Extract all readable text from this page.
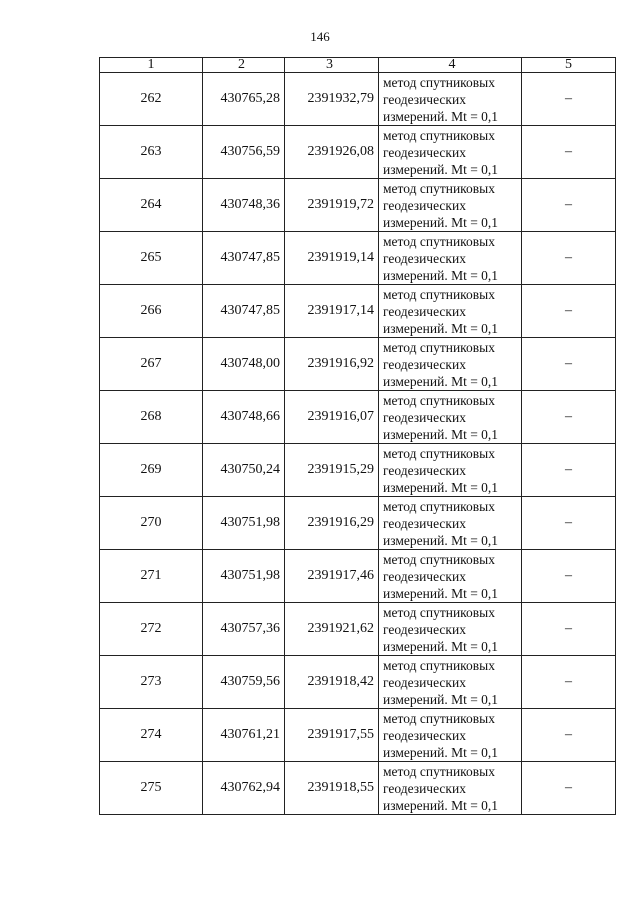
146
1	2	3	4	5
262	430765,28	2391932,79	метод спутниковых
геодезических
измерений. Mt = 0,1	–
263	430756,59	2391926,08	метод спутниковых
геодезических
измерений. Mt = 0,1	–
264	430748,36	2391919,72	метод спутниковых
геодезических
измерений. Mt = 0,1	–
265	430747,85	2391919,14	метод спутниковых
геодезических
измерений. Mt = 0,1	–
266	430747,85	2391917,14	метод спутниковых
геодезических
измерений. Mt = 0,1	–
267	430748,00	2391916,92	метод спутниковых
геодезических
измерений. Mt = 0,1	–
268	430748,66	2391916,07	метод спутниковых
геодезических
измерений. Mt = 0,1	–
269	430750,24	2391915,29	метод спутниковых
геодезических
измерений. Mt = 0,1	–
270	430751,98	2391916,29	метод спутниковых
геодезических
измерений. Mt = 0,1	–
271	430751,98	2391917,46	метод спутниковых
геодезических
измерений. Mt = 0,1	–
272	430757,36	2391921,62	метод спутниковых
геодезических
измерений. Mt = 0,1	–
273	430759,56	2391918,42	метод спутниковых
геодезических
измерений. Mt = 0,1	–
274	430761,21	2391917,55	метод спутниковых
геодезических
измерений. Mt = 0,1	–
275	430762,94	2391918,55	метод спутниковых
геодезических
измерений. Mt = 0,1	–
